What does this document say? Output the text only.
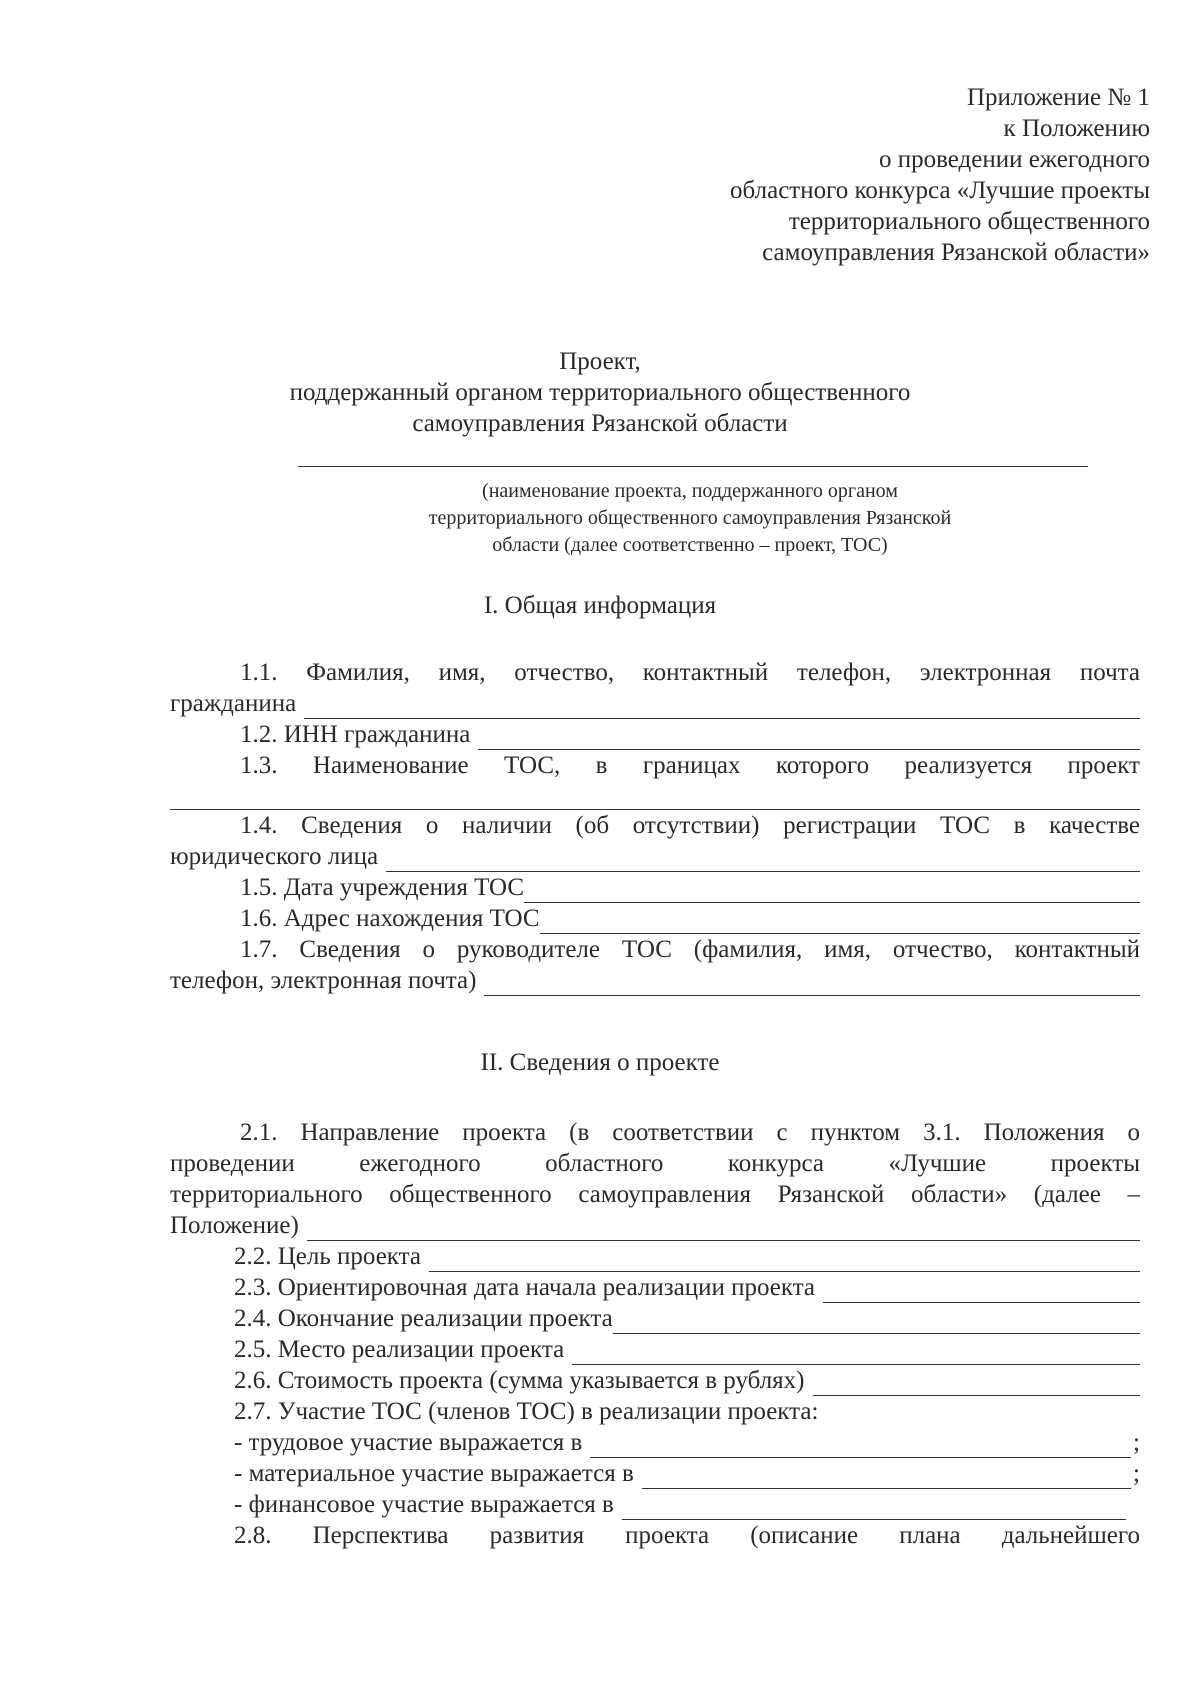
Приложение № 1
к Положению
о проведении ежегодного
областного конкурса «Лучшие проекты
территориального общественного
самоуправления Рязанской области»
Проект,
поддержанный органом территориального общественного
самоуправления Рязанской области
(наименование проекта, поддержанного органом
территориального общественного самоуправления Рязанской
области (далее соответственно – проект, ТОС)
I. Общая информация
1.1. Фамилия, имя, отчество, контактный телефон, электронная почта
гражданина
1.2. ИНН гражданина
1.3. Наименование ТОС, в границах которого реализуется проект
1.4. Сведения о наличии (об отсутствии) регистрации ТОС в качестве
юридического лица
1.5. Дата учреждения ТОС
1.6. Адрес нахождения ТОС
1.7. Сведения о руководителе ТОС (фамилия, имя, отчество, контактный
телефон, электронная почта)
II. Сведения о проекте
2.1. Направление проекта (в соответствии с пунктом 3.1. Положения о
проведении ежегодного областного конкурса «Лучшие проекты
территориального общественного самоуправления Рязанской области» (далее –
Положение)
2.2. Цель проекта
2.3. Ориентировочная дата начала реализации проекта
2.4. Окончание реализации проекта
2.5. Место реализации проекта
2.6. Стоимость проекта (сумма указывается в рублях)
2.7. Участие ТОС (членов ТОС) в реализации проекта:
- трудовое участие выражается в	;
- материальное участие выражается в	;
- финансовое участие выражается в
2.8. Перспектива развития проекта (описание плана дальнейшего
